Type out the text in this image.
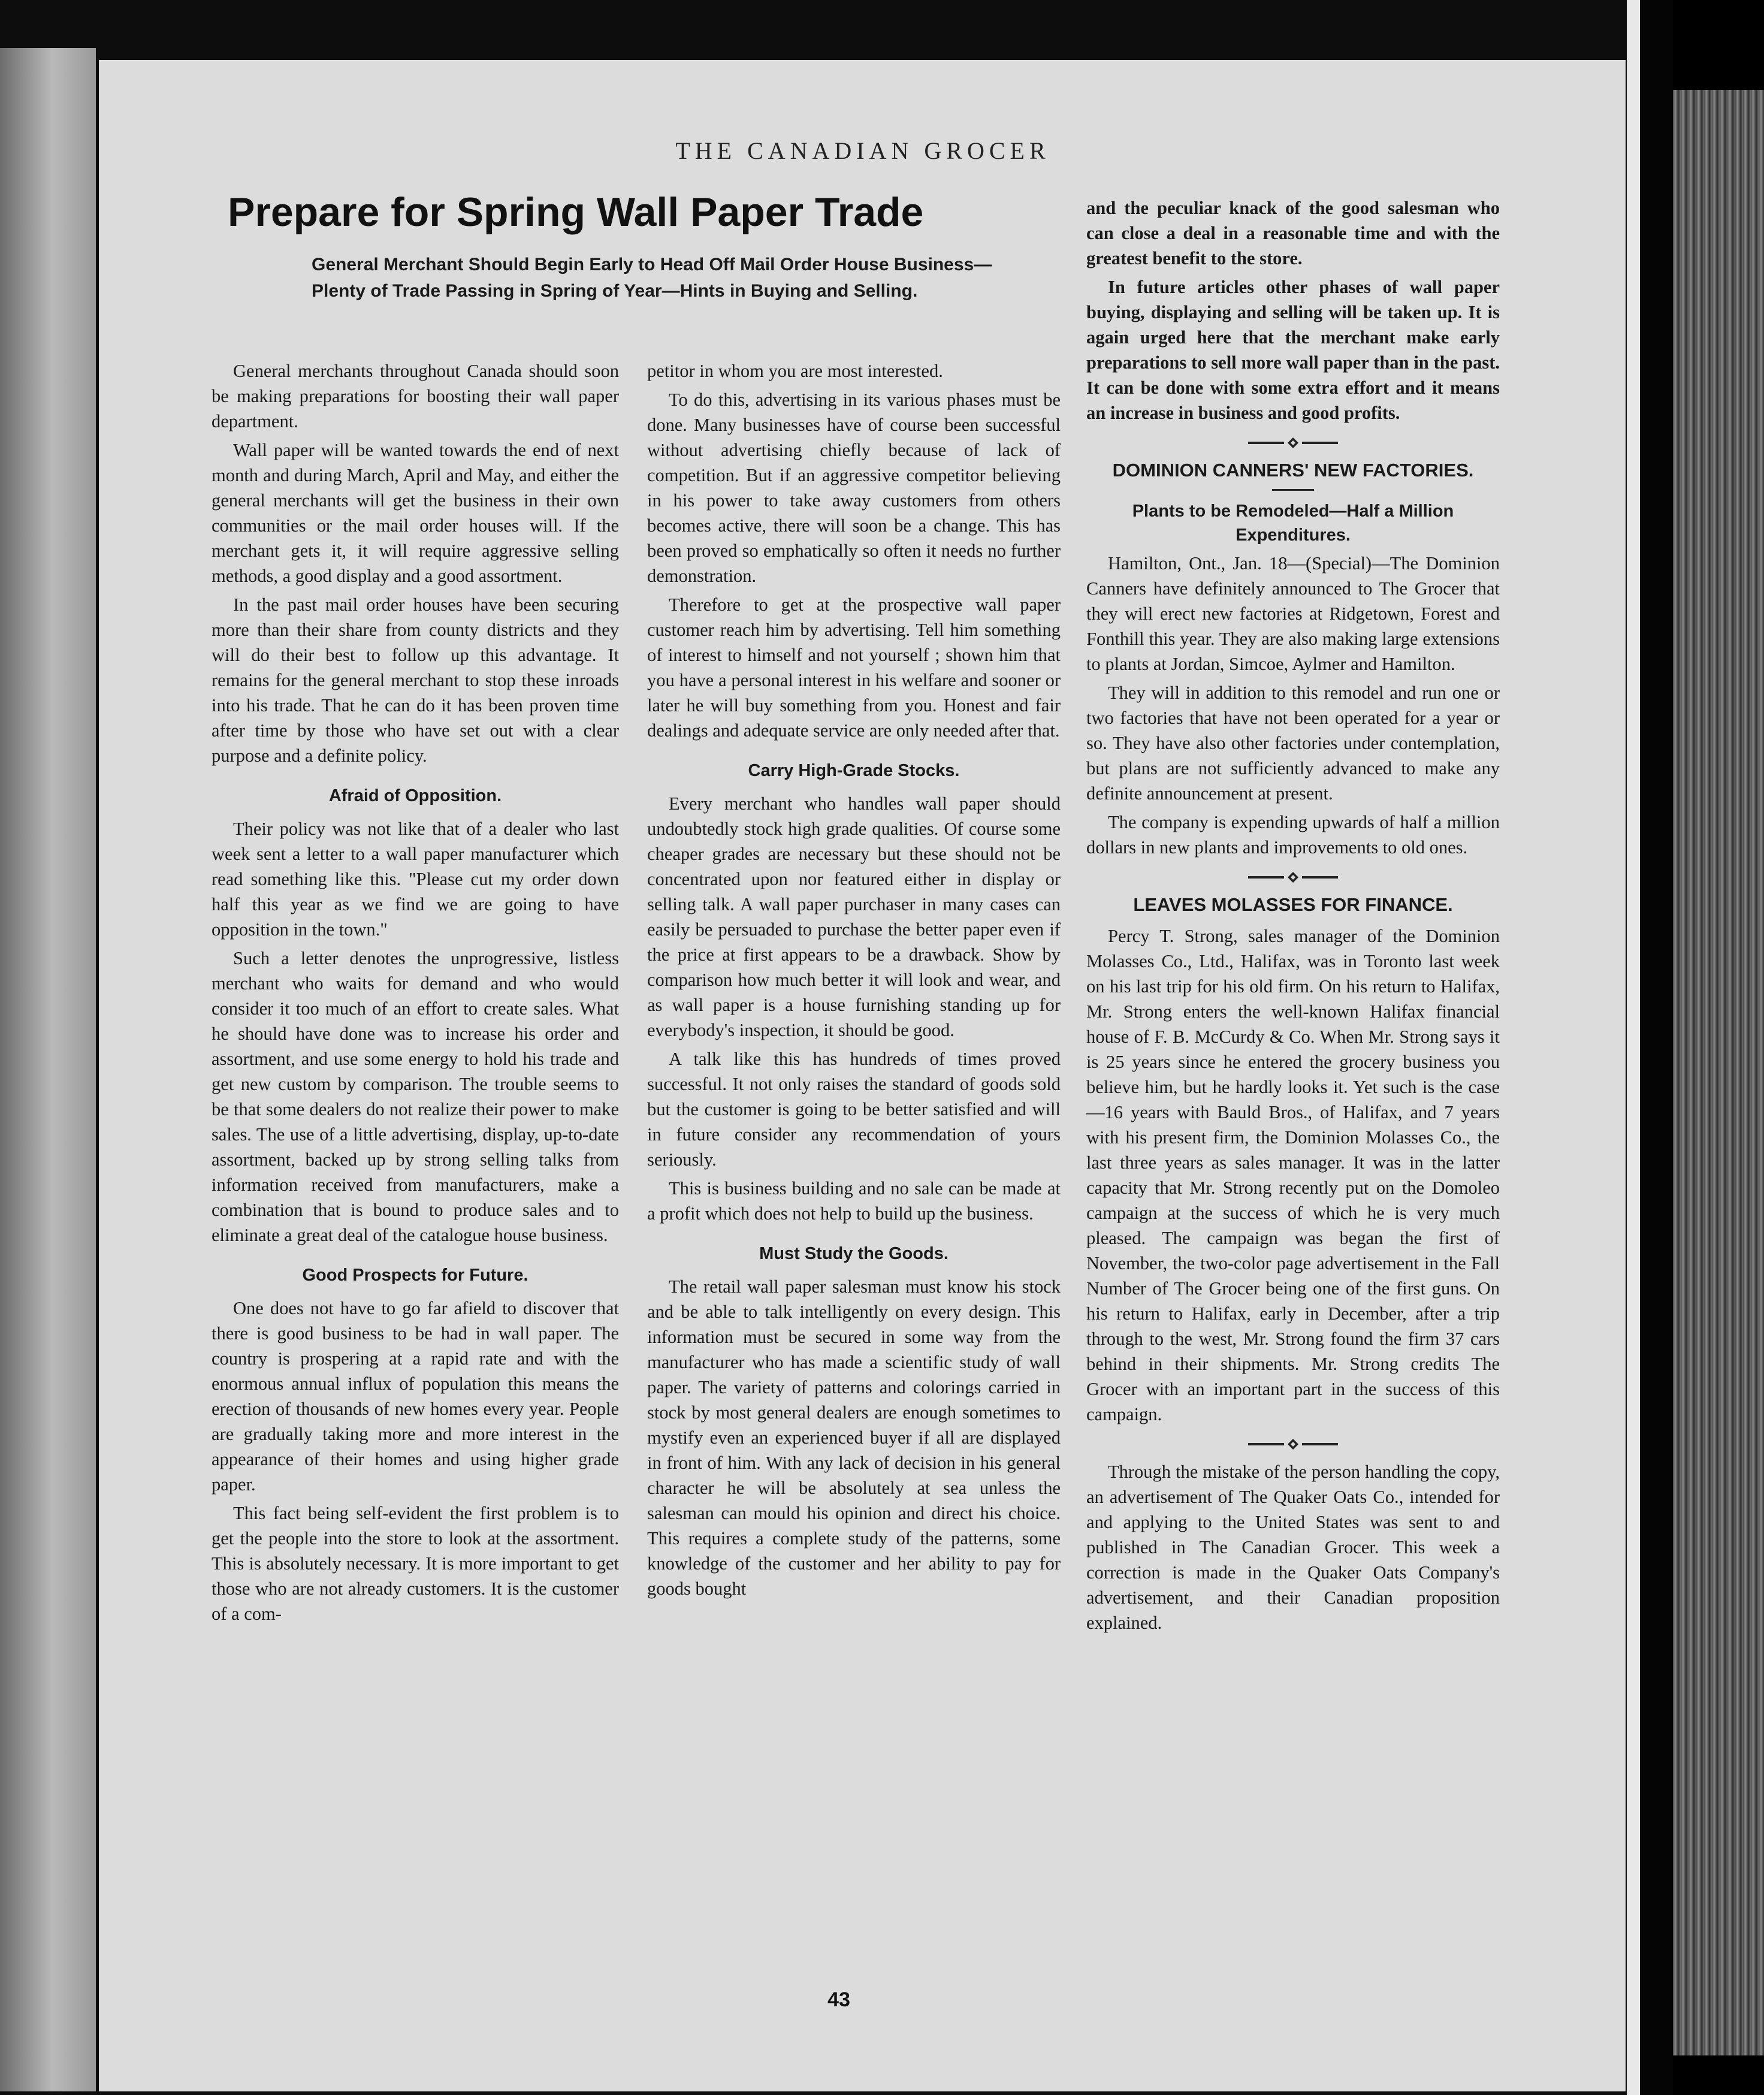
THE CANADIAN GROCER
Prepare for Spring Wall Paper Trade
General Merchant Should Begin Early to Head Off Mail Order House Business—Plenty of Trade Passing in Spring of Year—Hints in Buying and Selling.

General merchants throughout Canada should soon be making preparations for boosting their wall paper department.

Wall paper will be wanted towards the end of next month and during March, April and May, and either the general merchants will get the business in their own communities or the mail order houses will. If the merchant gets it, it will require aggressive selling methods, a good display and a good assortment.

In the past mail order houses have been securing more than their share from county districts and they will do their best to follow up this advantage. It remains for the general merchant to stop these inroads into his trade. That he can do it has been proven time after time by those who have set out with a clear purpose and a definite policy.

Afraid of Opposition.

Their policy was not like that of a dealer who last week sent a letter to a wall paper manufacturer which read something like this. "Please cut my order down half this year as we find we are going to have opposition in the town."

Such a letter denotes the unprogressive, listless merchant who waits for demand and who would consider it too much of an effort to create sales. What he should have done was to increase his order and assortment, and use some energy to hold his trade and get new custom by comparison. The trouble seems to be that some dealers do not realize their power to make sales. The use of a little advertising, display, up-to-date assortment, backed up by strong selling talks from information received from manufacturers, make a combination that is bound to produce sales and to eliminate a great deal of the catalogue house business.

Good Prospects for Future.

One does not have to go far afield to discover that there is good business to be had in wall paper. The country is prospering at a rapid rate and with the enormous annual influx of population this means the erection of thousands of new homes every year. People are gradually taking more and more interest in the appearance of their homes and using higher grade paper.

This fact being self-evident the first problem is to get the people into the store to look at the assortment. This is absolutely necessary. It is more important to get those who are not already customers. It is the customer of a com-

petitor in whom you are most interested.

To do this, advertising in its various phases must be done. Many businesses have of course been successful without advertising chiefly because of lack of competition. But if an aggressive competitor believing in his power to take away customers from others becomes active, there will soon be a change. This has been proved so emphatically so often it needs no further demonstration.

Therefore to get at the prospective wall paper customer reach him by advertising. Tell him something of interest to himself and not yourself ; shown him that you have a personal interest in his welfare and sooner or later he will buy something from you. Honest and fair dealings and adequate service are only needed after that.

Carry High-Grade Stocks.

Every merchant who handles wall paper should undoubtedly stock high grade qualities. Of course some cheaper grades are necessary but these should not be concentrated upon nor featured either in display or selling talk. A wall paper purchaser in many cases can easily be persuaded to purchase the better paper even if the price at first appears to be a drawback. Show by comparison how much better it will look and wear, and as wall paper is a house furnishing standing up for everybody's inspection, it should be good.

A talk like this has hundreds of times proved successful. It not only raises the standard of goods sold but the customer is going to be better satisfied and will in future consider any recommendation of yours seriously.

This is business building and no sale can be made at a profit which does not help to build up the business.

Must Study the Goods.

The retail wall paper salesman must know his stock and be able to talk intelligently on every design. This information must be secured in some way from the manufacturer who has made a scientific study of wall paper. The variety of patterns and colorings carried in stock by most general dealers are enough sometimes to mystify even an experienced buyer if all are displayed in front of him. With any lack of decision in his general character he will be absolutely at sea unless the salesman can mould his opinion and direct his choice. This requires a complete study of the patterns, some knowledge of the customer and her ability to pay for goods bought

and the peculiar knack of the good salesman who can close a deal in a reasonable time and with the greatest benefit to the store.

In future articles other phases of wall paper buying, displaying and selling will be taken up. It is again urged here that the merchant make early preparations to sell more wall paper than in the past. It can be done with some extra effort and it means an increase in business and good profits.

DOMINION CANNERS' NEW FACTORIES.
Plants to be Remodeled—Half a Million Expenditures.

Hamilton, Ont., Jan. 18—(Special)—The Dominion Canners have definitely announced to The Grocer that they will erect new factories at Ridgetown, Forest and Fonthill this year. They are also making large extensions to plants at Jordan, Simcoe, Aylmer and Hamilton.

They will in addition to this remodel and run one or two factories that have not been operated for a year or so. They have also other factories under contemplation, but plans are not sufficiently advanced to make any definite announcement at present.

The company is expending upwards of half a million dollars in new plants and improvements to old ones.

LEAVES MOLASSES FOR FINANCE.

Percy T. Strong, sales manager of the Dominion Molasses Co., Ltd., Halifax, was in Toronto last week on his last trip for his old firm. On his return to Halifax, Mr. Strong enters the well-known Halifax financial house of F. B. McCurdy & Co. When Mr. Strong says it is 25 years since he entered the grocery business you believe him, but he hardly looks it. Yet such is the case—16 years with Bauld Bros., of Halifax, and 7 years with his present firm, the Dominion Molasses Co., the last three years as sales manager. It was in the latter capacity that Mr. Strong recently put on the Domoleo campaign at the success of which he is very much pleased. The campaign was began the first of November, the two-color page advertisement in the Fall Number of The Grocer being one of the first guns. On his return to Halifax, early in December, after a trip through to the west, Mr. Strong found the firm 37 cars behind in their shipments. Mr. Strong credits The Grocer with an important part in the success of this campaign.

Through the mistake of the person handling the copy, an advertisement of The Quaker Oats Co., intended for and applying to the United States was sent to and published in The Canadian Grocer. This week a correction is made in the Quaker Oats Company's advertisement, and their Canadian proposition explained.

43
